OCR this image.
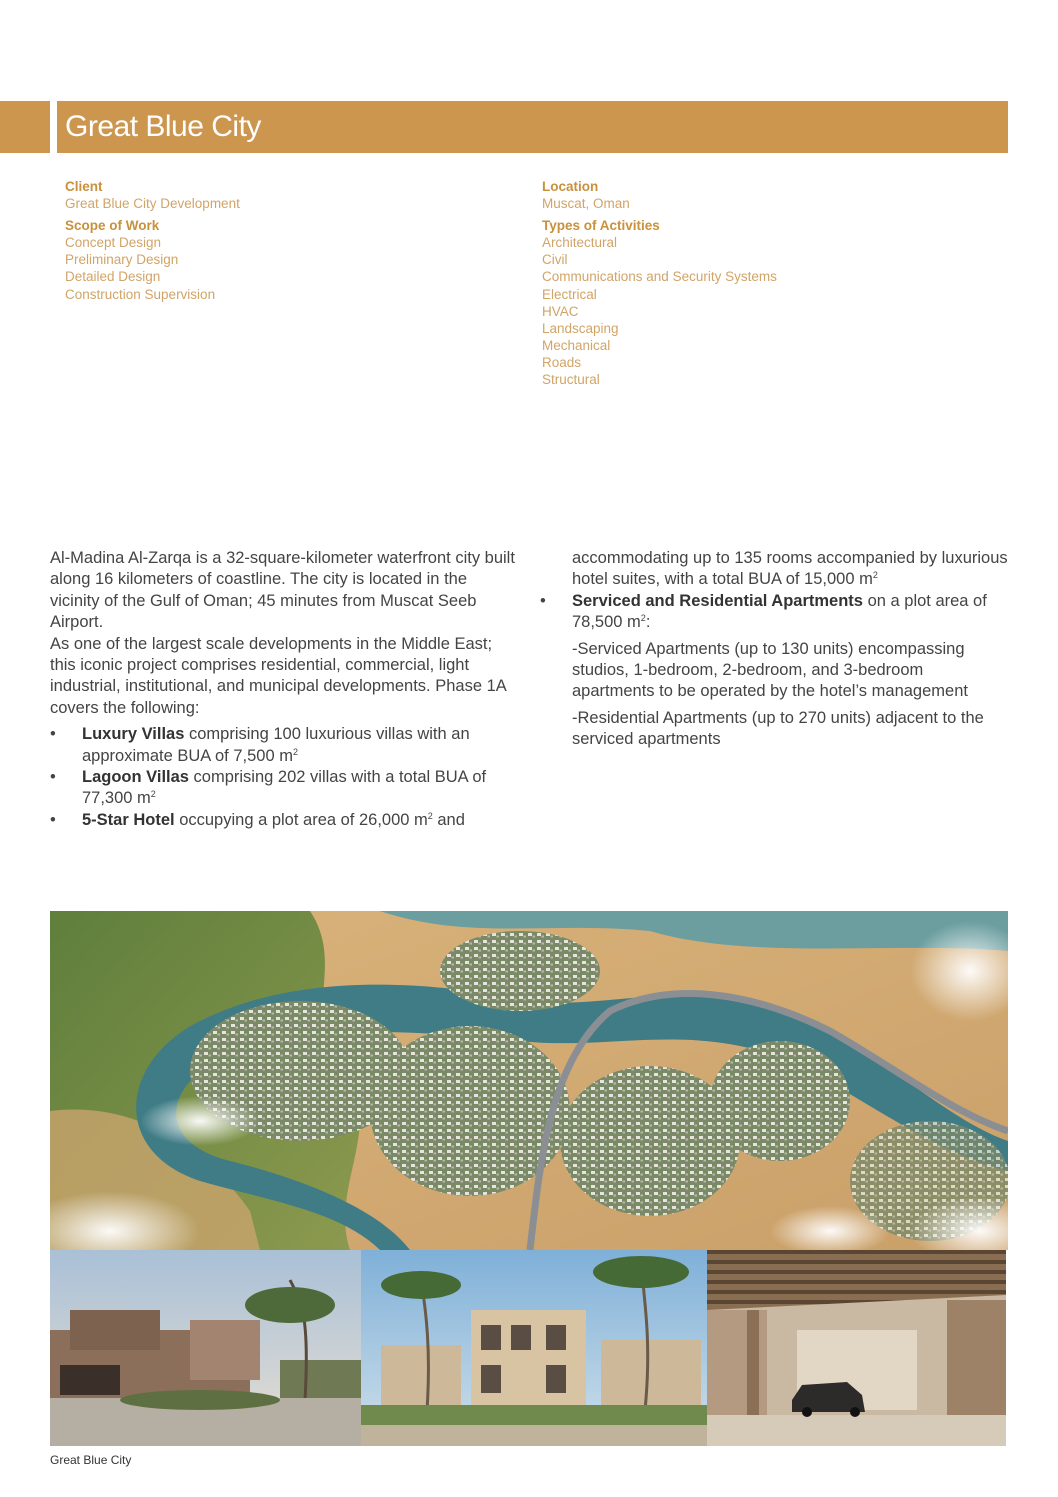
Great Blue City
Client
Great Blue City Development
Scope of Work
Concept Design
Preliminary Design
Detailed Design
Construction Supervision
Location
Muscat, Oman
Types of Activities
Architectural
Civil
Communications and Security Systems
Electrical
HVAC
Landscaping
Mechanical
Roads
Structural

Al-Madina Al-Zarqa is a 32-square-kilometer waterfront city built along 16 kilometers of coastline. The city is located in the vicinity of the Gulf of Oman; 45 minutes from Muscat Seeb Airport.

As one of the largest scale developments in the Middle East; this iconic project comprises residential, commercial, light industrial, institutional, and municipal developments. Phase 1A covers the following:

• Luxury Villas comprising 100 luxurious villas with an approximate BUA of 7,500 $m^2$
• Lagoon Villas comprising 202 villas with a total BUA of 77,300 $m^2$
• 5-Star Hotel occupying a plot area of 26,000 $m^2$ and

accommodating up to 135 rooms accompanied by luxurious hotel suites, with a total BUA of 15,000 $m^2$

• Serviced and Residential Apartments on a plot area of 78,500 $m^2$:

-Serviced Apartments (up to 130 units) encompassing studios, 1-bedroom, 2-bedroom, and 3-bedroom apartments to be operated by the hotel’s management

-Residential Apartments (up to 270 units) adjacent to the serviced apartments

Great Blue City
